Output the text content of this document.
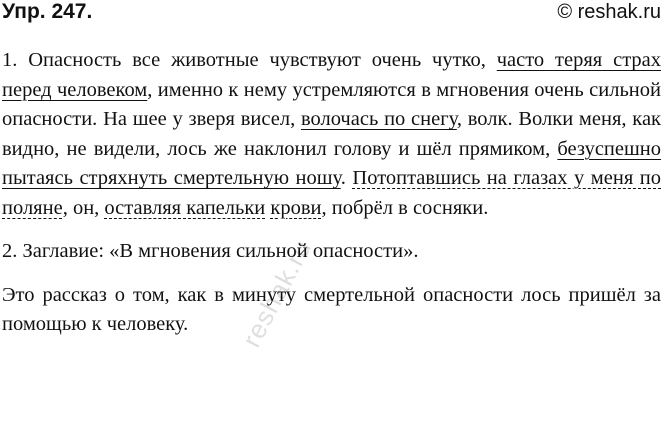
Упр. 247.	© reshak.ru

1. Опасность все животные чувствуют очень чутко, часто теряя страх перед человеком, именно к нему устремляются в мгновения очень сильной опасности. На шее у зверя висел, волочась по снегу, волк. Волки меня, как видно, не видели, лось же наклонил голову и шёл прямиком, безуспешно пытаясь стряхнуть смертельную ношу. Потоптавшись на глазах у меня по поляне, он, оставляя капельки крови, побрёл в сосняки.

2. Заглавие: «В мгновения сильной опасности».

Это рассказ о том, как в минуту смертельной опасности лось пришёл за помощью к человеку.	reshak.ru
